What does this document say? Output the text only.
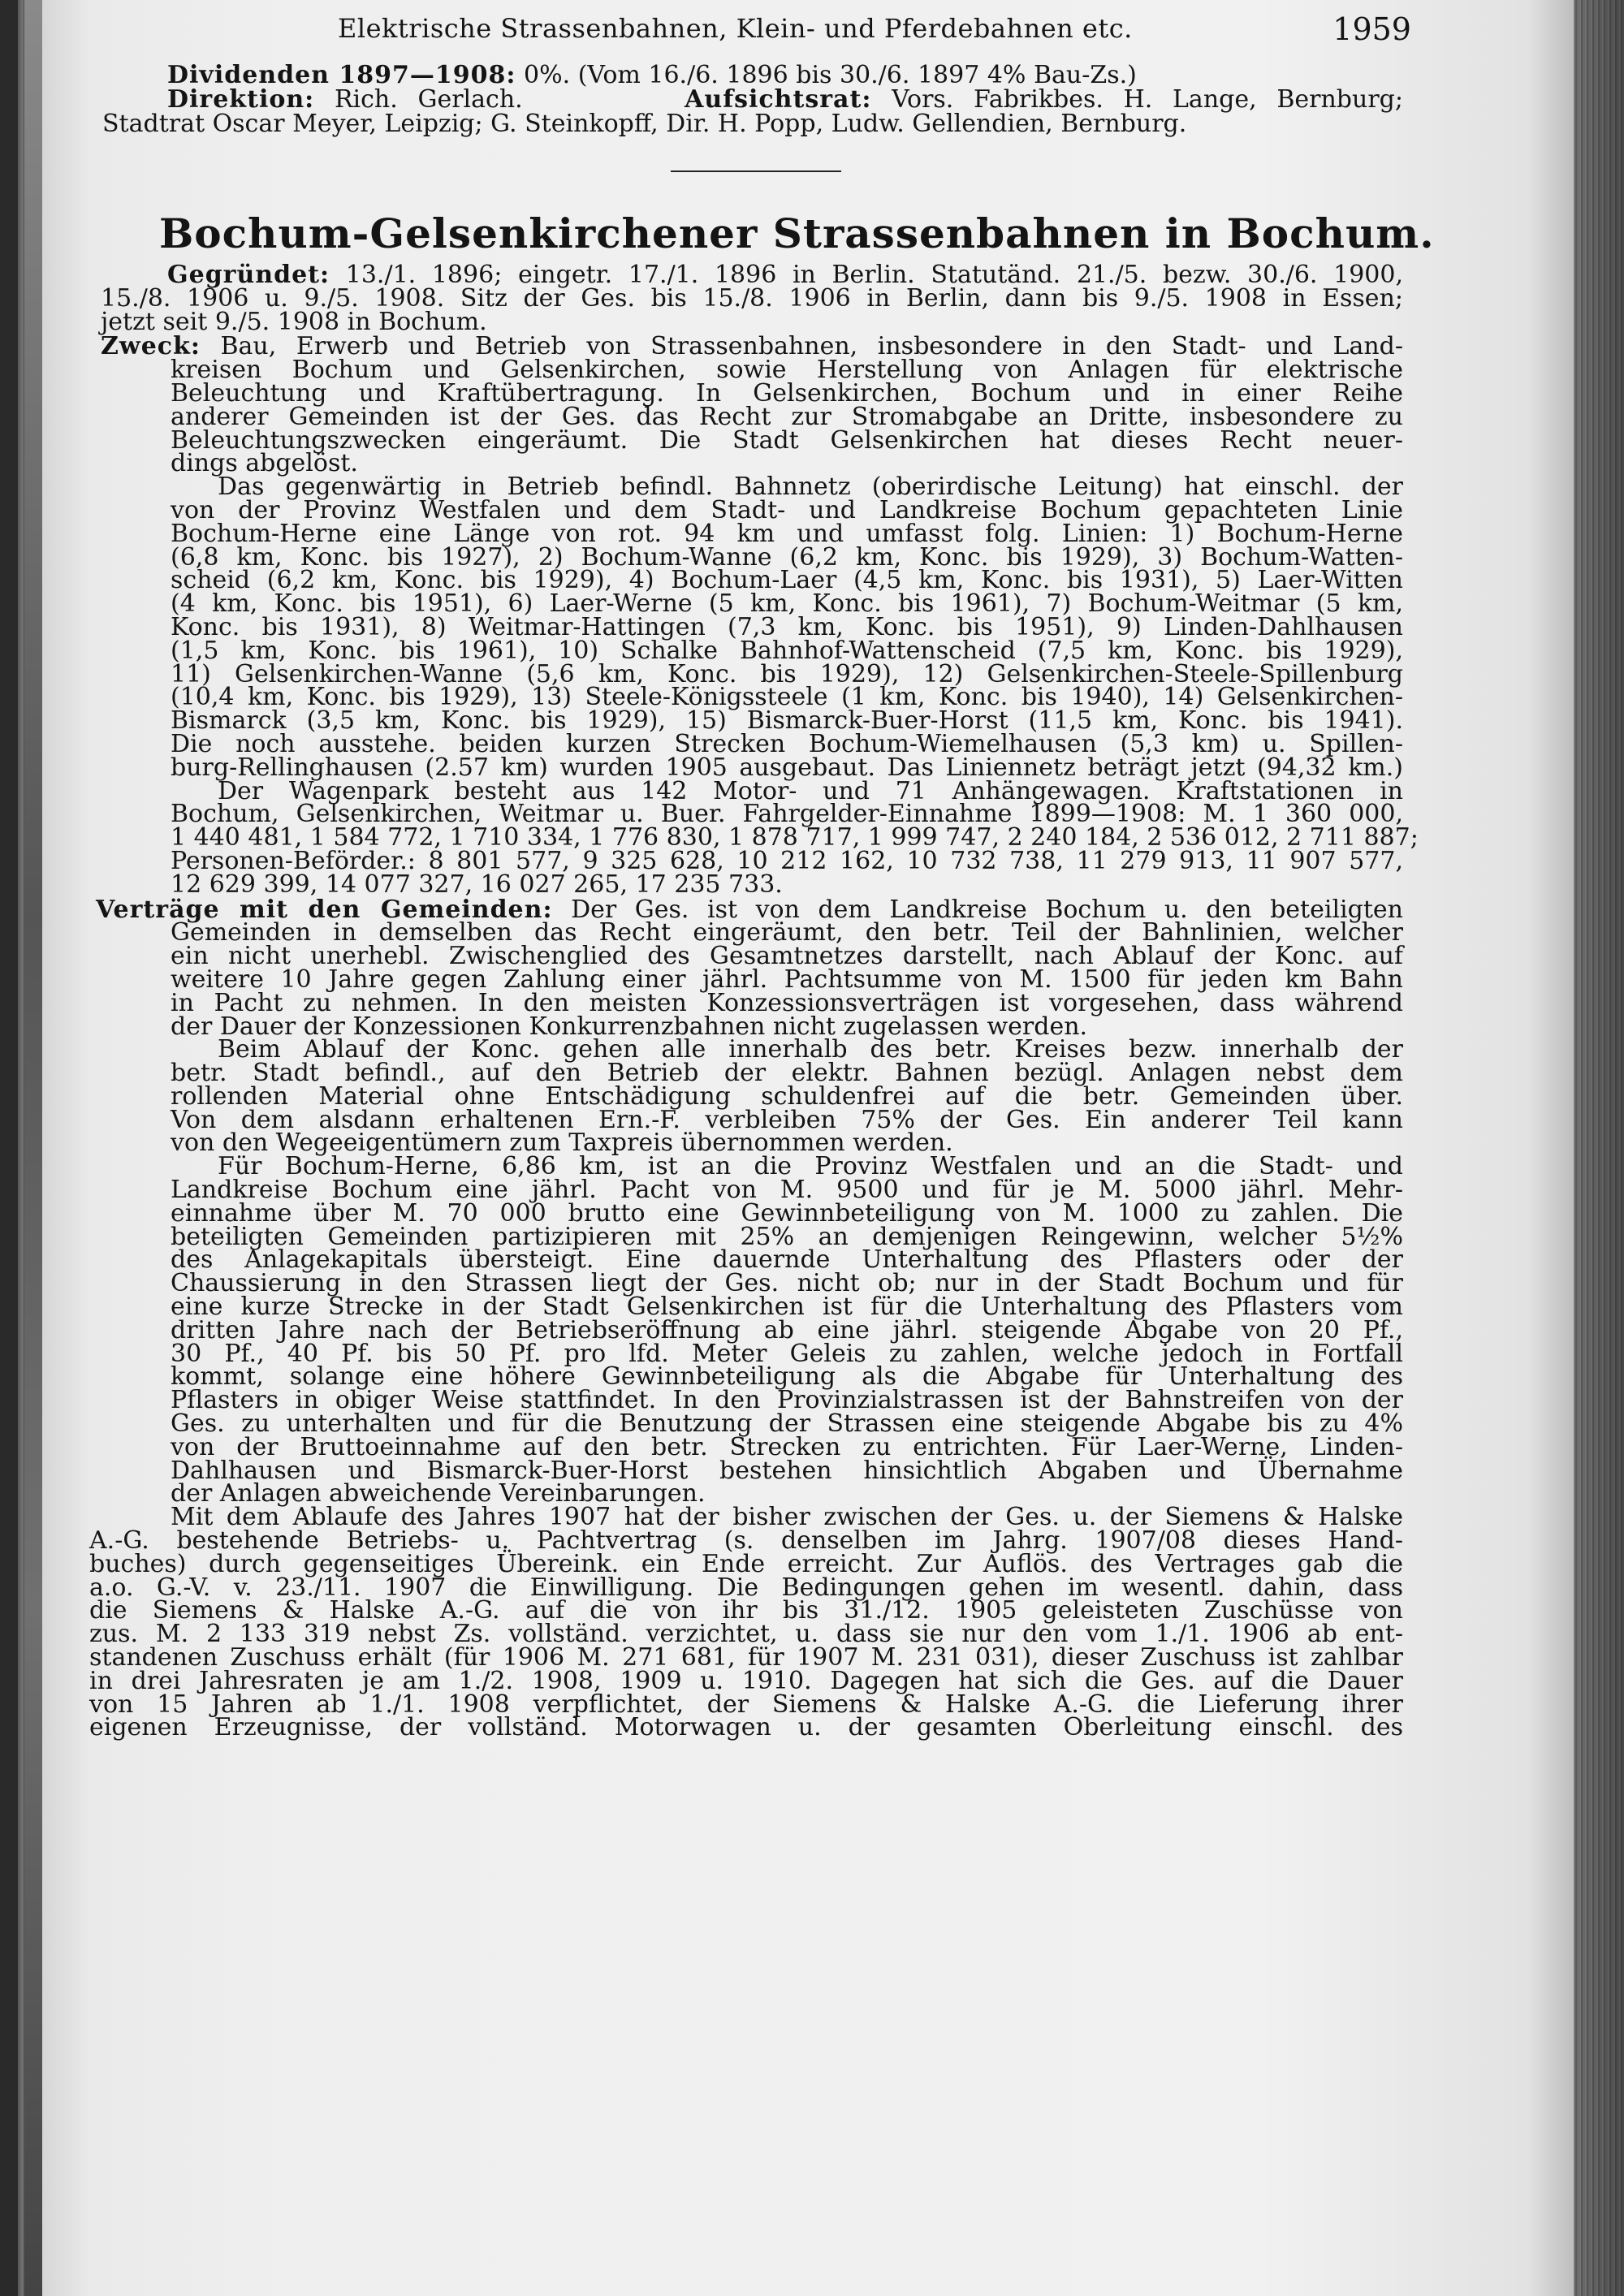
Elektrische Strassenbahnen, Klein- und Pferdebahnen etc.	1959
Dividenden 1897—1908: 0%. (Vom 16./6. 1896 bis 30./6. 1897 4% Bau-Zs.)
Direktion: Rich. Gerlach.	Aufsichtsrat: Vors. Fabrikbes. H. Lange, Bernburg;
Stadtrat Oscar Meyer, Leipzig; G. Steinkopff, Dir. H. Popp, Ludw. Gellendien, Bernburg.
Bochum-Gelsenkirchener Strassenbahnen in Bochum.
Gegründet: 13./1. 1896; eingetr. 17./1. 1896 in Berlin. Statutänd. 21./5. bezw. 30./6. 1900,
15./8. 1906 u. 9./5. 1908. Sitz der Ges. bis 15./8. 1906 in Berlin, dann bis 9./5. 1908 in Essen;
jetzt seit 9./5. 1908 in Bochum.
Zweck: Bau, Erwerb und Betrieb von Strassenbahnen, insbesondere in den Stadt- und Land-
kreisen Bochum und Gelsenkirchen, sowie Herstellung von Anlagen für elektrische
Beleuchtung und Kraftübertragung. In Gelsenkirchen, Bochum und in einer Reihe
anderer Gemeinden ist der Ges. das Recht zur Stromabgabe an Dritte, insbesondere zu
Beleuchtungszwecken eingeräumt. Die Stadt Gelsenkirchen hat dieses Recht neuer-
dings abgelöst.
Das gegenwärtig in Betrieb befindl. Bahnnetz (oberirdische Leitung) hat einschl. der
von der Provinz Westfalen und dem Stadt- und Landkreise Bochum gepachteten Linie
Bochum-Herne eine Länge von rot. 94 km und umfasst folg. Linien: 1) Bochum-Herne
(6,8 km, Konc. bis 1927), 2) Bochum-Wanne (6,2 km, Konc. bis 1929), 3) Bochum-Watten-
scheid (6,2 km, Konc. bis 1929), 4) Bochum-Laer (4,5 km, Konc. bis 1931), 5) Laer-Witten
(4 km, Konc. bis 1951), 6) Laer-Werne (5 km, Konc. bis 1961), 7) Bochum-Weitmar (5 km,
Konc. bis 1931), 8) Weitmar-Hattingen (7,3 km, Konc. bis 1951), 9) Linden-Dahlhausen
(1,5 km, Konc. bis 1961), 10) Schalke Bahnhof-Wattenscheid (7,5 km, Konc. bis 1929),
11) Gelsenkirchen-Wanne (5,6 km, Konc. bis 1929), 12) Gelsenkirchen-Steele-Spillenburg
(10,4 km, Konc. bis 1929), 13) Steele-Königssteele (1 km, Konc. bis 1940), 14) Gelsenkirchen-
Bismarck (3,5 km, Konc. bis 1929), 15) Bismarck-Buer-Horst (11,5 km, Konc. bis 1941).
Die noch ausstehe. beiden kurzen Strecken Bochum-Wiemelhausen (5,3 km) u. Spillen-
burg-Rellinghausen (2.57 km) wurden 1905 ausgebaut. Das Liniennetz beträgt jetzt (94,32 km.)
Der Wagenpark besteht aus 142 Motor- und 71 Anhängewagen. Kraftstationen in
Bochum, Gelsenkirchen, Weitmar u. Buer. Fahrgelder-Einnahme 1899—1908: M. 1 360 000,
1 440 481, 1 584 772, 1 710 334, 1 776 830, 1 878 717, 1 999 747, 2 240 184, 2 536 012, 2 711 887;
Personen-Beförder.: 8 801 577, 9 325 628, 10 212 162, 10 732 738, 11 279 913, 11 907 577,
12 629 399, 14 077 327, 16 027 265, 17 235 733.
Verträge mit den Gemeinden: Der Ges. ist von dem Landkreise Bochum u. den beteiligten
Gemeinden in demselben das Recht eingeräumt, den betr. Teil der Bahnlinien, welcher
ein nicht unerhebl. Zwischenglied des Gesamtnetzes darstellt, nach Ablauf der Konc. auf
weitere 10 Jahre gegen Zahlung einer jährl. Pachtsumme von M. 1500 für jeden km Bahn
in Pacht zu nehmen. In den meisten Konzessionsverträgen ist vorgesehen, dass während
der Dauer der Konzessionen Konkurrenzbahnen nicht zugelassen werden.
Beim Ablauf der Konc. gehen alle innerhalb des betr. Kreises bezw. innerhalb der
betr. Stadt befindl., auf den Betrieb der elektr. Bahnen bezügl. Anlagen nebst dem
rollenden Material ohne Entschädigung schuldenfrei auf die betr. Gemeinden über.
Von dem alsdann erhaltenen Ern.-F. verbleiben 75% der Ges. Ein anderer Teil kann
von den Wegeeigentümern zum Taxpreis übernommen werden.
Für Bochum-Herne, 6,86 km, ist an die Provinz Westfalen und an die Stadt- und
Landkreise Bochum eine jährl. Pacht von M. 9500 und für je M. 5000 jährl. Mehr-
einnahme über M. 70 000 brutto eine Gewinnbeteiligung von M. 1000 zu zahlen. Die
beteiligten Gemeinden partizipieren mit 25% an demjenigen Reingewinn, welcher 5½%
des Anlagekapitals übersteigt. Eine dauernde Unterhaltung des Pflasters oder der
Chaussierung in den Strassen liegt der Ges. nicht ob; nur in der Stadt Bochum und für
eine kurze Strecke in der Stadt Gelsenkirchen ist für die Unterhaltung des Pflasters vom
dritten Jahre nach der Betriebseröffnung ab eine jährl. steigende Abgabe von 20 Pf.,
30 Pf., 40 Pf. bis 50 Pf. pro lfd. Meter Geleis zu zahlen, welche jedoch in Fortfall
kommt, solange eine höhere Gewinnbeteiligung als die Abgabe für Unterhaltung des
Pflasters in obiger Weise stattfindet. In den Provinzialstrassen ist der Bahnstreifen von der
Ges. zu unterhalten und für die Benutzung der Strassen eine steigende Abgabe bis zu 4%
von der Bruttoeinnahme auf den betr. Strecken zu entrichten. Für Laer-Werne, Linden-
Dahlhausen und Bismarck-Buer-Horst bestehen hinsichtlich Abgaben und Übernahme
der Anlagen abweichende Vereinbarungen.
Mit dem Ablaufe des Jahres 1907 hat der bisher zwischen der Ges. u. der Siemens & Halske
A.-G. bestehende Betriebs- u. Pachtvertrag (s. denselben im Jahrg. 1907/08 dieses Hand-
buches) durch gegenseitiges Übereink. ein Ende erreicht. Zur Auflös. des Vertrages gab die
a.o. G.-V. v. 23./11. 1907 die Einwilligung. Die Bedingungen gehen im wesentl. dahin, dass
die Siemens & Halske A.-G. auf die von ihr bis 31./12. 1905 geleisteten Zuschüsse von
zus. M. 2 133 319 nebst Zs. vollständ. verzichtet, u. dass sie nur den vom 1./1. 1906 ab ent-
standenen Zuschuss erhält (für 1906 M. 271 681, für 1907 M. 231 031), dieser Zuschuss ist zahlbar
in drei Jahresraten je am 1./2. 1908, 1909 u. 1910. Dagegen hat sich die Ges. auf die Dauer
von 15 Jahren ab 1./1. 1908 verpflichtet, der Siemens & Halske A.-G. die Lieferung ihrer
eigenen Erzeugnisse, der vollständ. Motorwagen u. der gesamten Oberleitung einschl. des
